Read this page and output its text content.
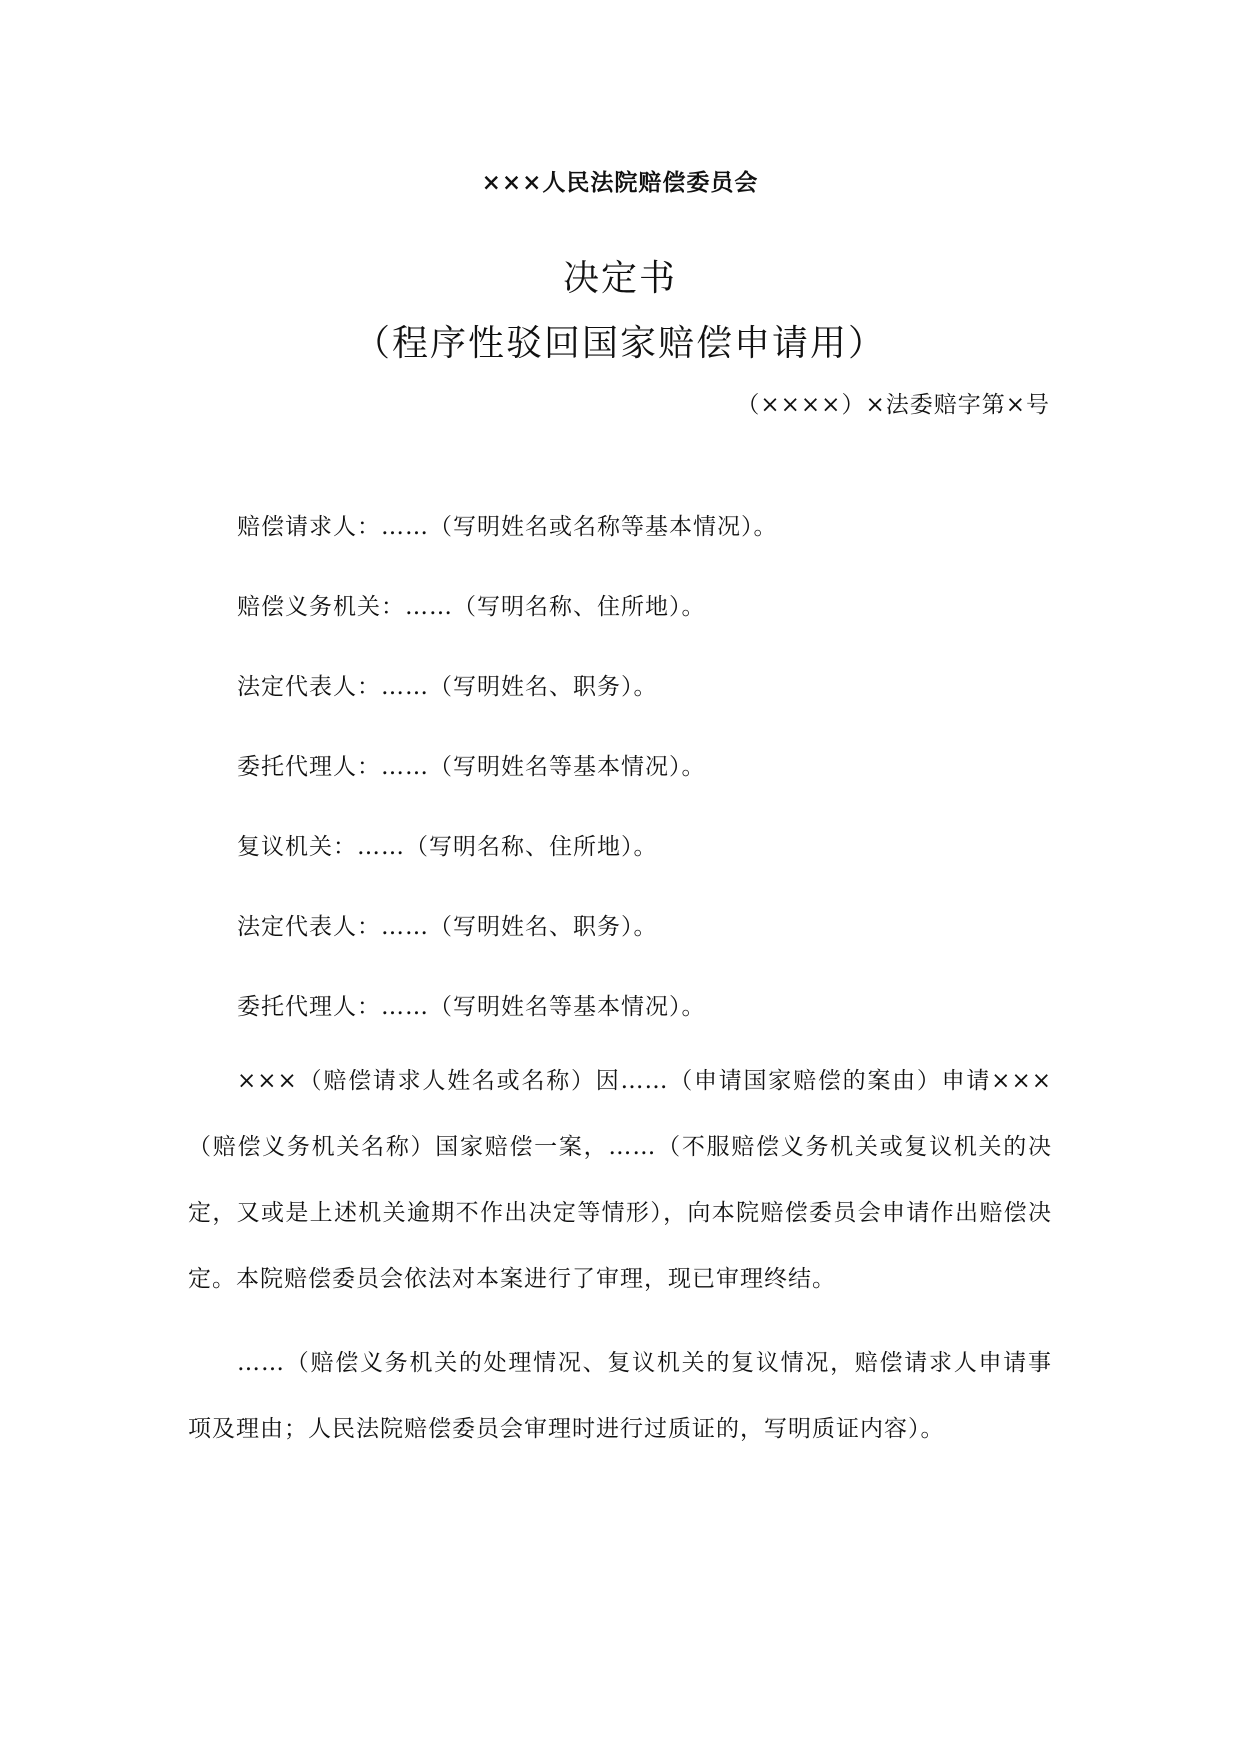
×××人民法院赔偿委员会
决定书
（程序性驳回国家赔偿申请用）
（××××）×法委赔字第×号
赔偿请求人：……（写明姓名或名称等基本情况）。
赔偿义务机关：……（写明名称、住所地）。
法定代表人：……（写明姓名、职务）。
委托代理人：……（写明姓名等基本情况）。
复议机关：……（写明名称、住所地）。
法定代表人：……（写明姓名、职务）。
委托代理人：……（写明姓名等基本情况）。
×××（赔偿请求人姓名或名称）因……（申请国家赔偿的案由）申请×××（赔偿义务机关名称）国家赔偿一案，……（不服赔偿义务机关或复议机关的决定，又或是上述机关逾期不作出决定等情形），向本院赔偿委员会申请作出赔偿决定。本院赔偿委员会依法对本案进行了审理，现已审理终结。
……（赔偿义务机关的处理情况、复议机关的复议情况，赔偿请求人申请事项及理由；人民法院赔偿委员会审理时进行过质证的，写明质证内容）。
